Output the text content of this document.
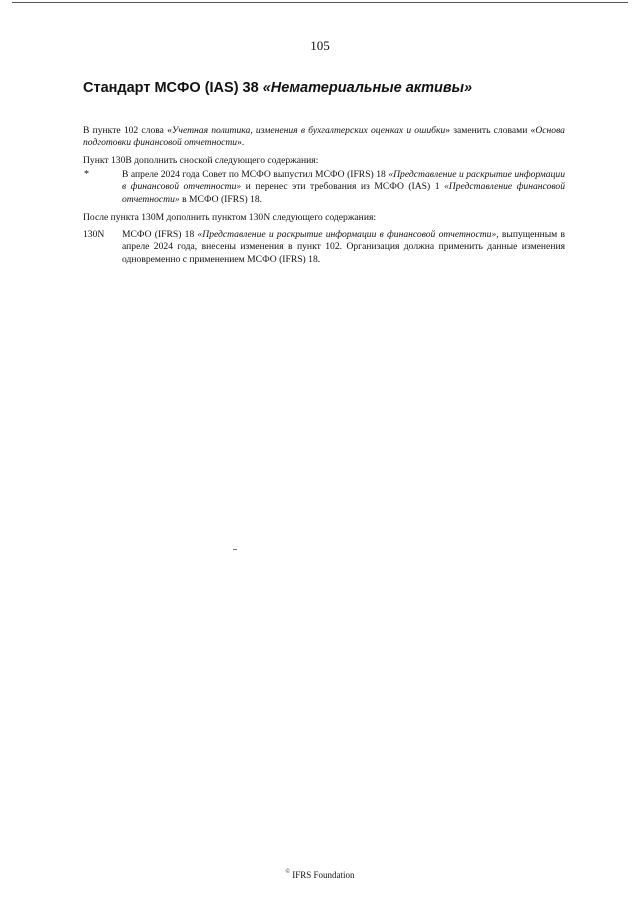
105
Стандарт МСФО (IAS) 38 «Нематериальные активы»
В пункте 102 слова «Учетная политика, изменения в бухгалтерских оценках и ошибки» заменить словами «Основа подготовки финансовой отчетности».
Пункт 130В дополнить сноской следующего содержания:
*	В апреле 2024 года Совет по МСФО выпустил МСФО (IFRS) 18 «Представление и раскрытие информации в финансовой отчетности» и перенес эти требования из МСФО (IAS) 1 «Представление финансовой отчетности» в МСФО (IFRS) 18.
После пункта 130М дополнить пунктом 130N следующего содержания:
130N МСФО (IFRS) 18 «Представление и раскрытие информации в финансовой отчетности», выпущенным в апреле 2024 года, внесены изменения в пункт 102. Организация должна применить данные изменения одновременно с применением МСФО (IFRS) 18.
© IFRS Foundation
